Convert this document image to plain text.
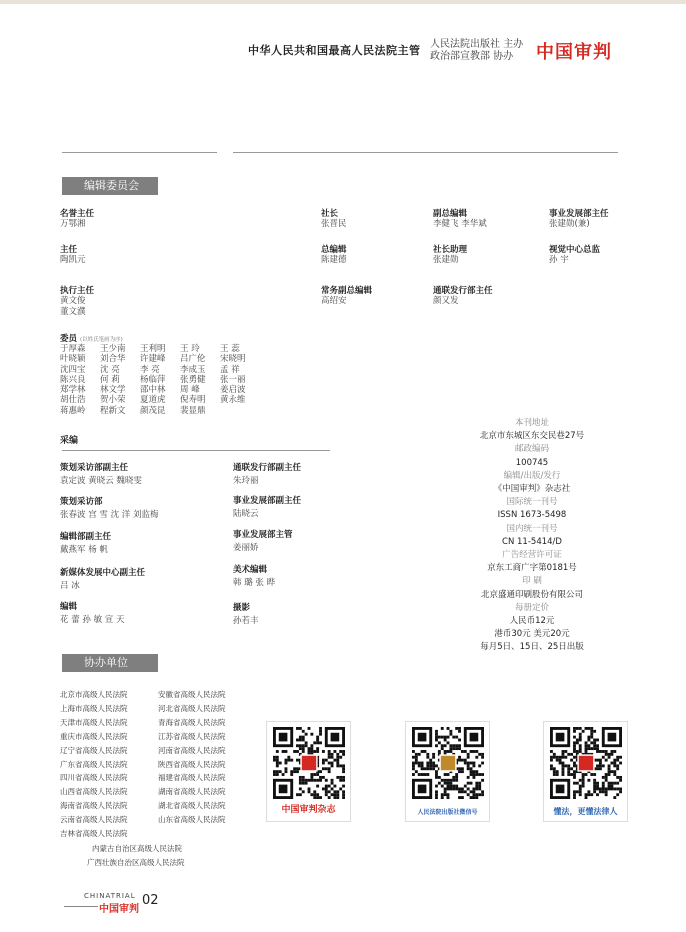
中华人民共和国最高人民法院主管 人民法院出版社 主办
政治部宣教部 协办	中国审判
编辑委员会
名誉主任
万鄂湘
主任
陶凯元
执行主任
黄文俊
董文濮
社长
张晋民
总编辑
陈建德
常务副总编辑
高绍安
副总编辑
李健飞 李华斌
社长助理
张建勋
通联发行部主任
颜又发
事业发展部主任
张建勋(兼)
视觉中心总监
孙 宇
委员 (以姓氏笔画为序)
于厚森	王少南	王利明	王 玲	王 蕊
叶晓颖	刘合华	许建峰	吕广伦	宋晓明
沈四宝	沈 亮	李 亮	李成玉	孟 祥
陈兴良	何 莉	杨临萍	张勇健	张一丽
郑学林	林文学	邵中林	周 峰	姜启波
胡仕浩	贺小荣	夏道虎	倪寿明	黄永维
蒋惠岭	程新文	颜茂昆	裴显鼎
采编
策划采访部副主任
袁定波 黄晓云 魏晓雯
策划采访部
张春波 宫 雪 沈 洋 刘监梅
编辑部副主任
戴燕军 杨 帆
新媒体发展中心副主任
吕 冰
编辑
花 蕾 孙 敏 宣 天
通联发行部副主任
朱玲丽
事业发展部副主任
陆晓云
事业发展部主管
姜丽娇
美术编辑
韩 璐 张 晔
摄影
孙若丰
本刊地址
北京市东城区东交民巷27号
邮政编码
100745
编辑/出版/发行
《中国审判》杂志社
国际统一刊号
ISSN 1673-5498
国内统一刊号
CN 11-5414/D
广告经营许可证
京东工商广字第0181号
印 刷
北京盛通印刷股份有限公司
每册定价
人民币12元
港币30元 美元20元
每月5日、15日、25日出版
协办单位
北京市高级人民法院
上海市高级人民法院
天津市高级人民法院
重庆市高级人民法院
辽宁省高级人民法院
广东省高级人民法院
四川省高级人民法院
山西省高级人民法院
海南省高级人民法院
云南省高级人民法院
吉林省高级人民法院
安徽省高级人民法院
河北省高级人民法院
青海省高级人民法院
江苏省高级人民法院
河南省高级人民法院
陕西省高级人民法院
福建省高级人民法院
湖南省高级人民法院
湖北省高级人民法院
山东省高级人民法院
内蒙古自治区高级人民法院
广西壮族自治区高级人民法院
中国审判杂志	人民法院出版社微信号	懂法，更懂法律人
CHINATRIAL
中国审判
02
